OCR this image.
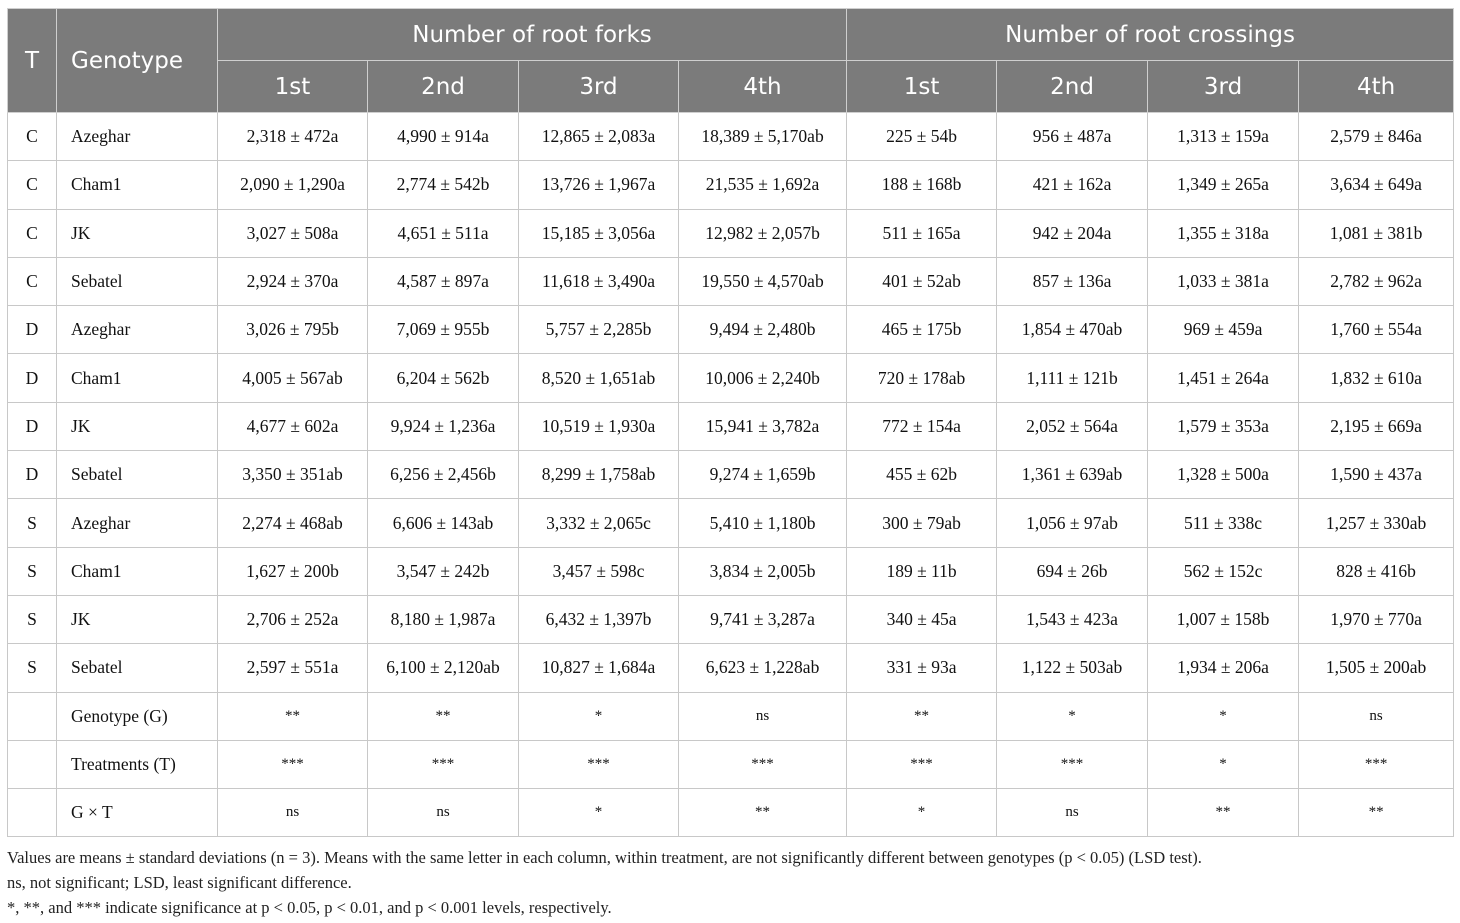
T	Genotype	Number of root forks				Number of root crossings			
		1st	2nd	3rd	4th	1st	2nd	3rd	4th
C	Azeghar	2,318 ± 472a	4,990 ± 914a	12,865 ± 2,083a	18,389 ± 5,170ab	225 ± 54b	956 ± 487a	1,313 ± 159a	2,579 ± 846a
C	Cham1	2,090 ± 1,290a	2,774 ± 542b	13,726 ± 1,967a	21,535 ± 1,692a	188 ± 168b	421 ± 162a	1,349 ± 265a	3,634 ± 649a
C	JK	3,027 ± 508a	4,651 ± 511a	15,185 ± 3,056a	12,982 ± 2,057b	511 ± 165a	942 ± 204a	1,355 ± 318a	1,081 ± 381b
C	Sebatel	2,924 ± 370a	4,587 ± 897a	11,618 ± 3,490a	19,550 ± 4,570ab	401 ± 52ab	857 ± 136a	1,033 ± 381a	2,782 ± 962a
D	Azeghar	3,026 ± 795b	7,069 ± 955b	5,757 ± 2,285b	9,494 ± 2,480b	465 ± 175b	1,854 ± 470ab	969 ± 459a	1,760 ± 554a
D	Cham1	4,005 ± 567ab	6,204 ± 562b	8,520 ± 1,651ab	10,006 ± 2,240b	720 ± 178ab	1,111 ± 121b	1,451 ± 264a	1,832 ± 610a
D	JK	4,677 ± 602a	9,924 ± 1,236a	10,519 ± 1,930a	15,941 ± 3,782a	772 ± 154a	2,052 ± 564a	1,579 ± 353a	2,195 ± 669a
D	Sebatel	3,350 ± 351ab	6,256 ± 2,456b	8,299 ± 1,758ab	9,274 ± 1,659b	455 ± 62b	1,361 ± 639ab	1,328 ± 500a	1,590 ± 437a
S	Azeghar	2,274 ± 468ab	6,606 ± 143ab	3,332 ± 2,065c	5,410 ± 1,180b	300 ± 79ab	1,056 ± 97ab	511 ± 338c	1,257 ± 330ab
S	Cham1	1,627 ± 200b	3,547 ± 242b	3,457 ± 598c	3,834 ± 2,005b	189 ± 11b	694 ± 26b	562 ± 152c	828 ± 416b
S	JK	2,706 ± 252a	8,180 ± 1,987a	6,432 ± 1,397b	9,741 ± 3,287a	340 ± 45a	1,543 ± 423a	1,007 ± 158b	1,970 ± 770a
S	Sebatel	2,597 ± 551a	6,100 ± 2,120ab	10,827 ± 1,684a	6,623 ± 1,228ab	331 ± 93a	1,122 ± 503ab	1,934 ± 206a	1,505 ± 200ab
	Genotype (G)	**	**	*	ns	**	*	*	ns
	Treatments (T)	***	***	***	***	***	***	*	***
	G × T	ns	ns	*	**	*	ns	**	**

Values are means ± standard deviations (n = 3). Means with the same letter in each column, within treatment, are not significantly different between genotypes (p < 0.05) (LSD test).

ns, not significant; LSD, least significant difference.

*, **, and *** indicate significance at p < 0.05, p < 0.01, and p < 0.001 levels, respectively.
